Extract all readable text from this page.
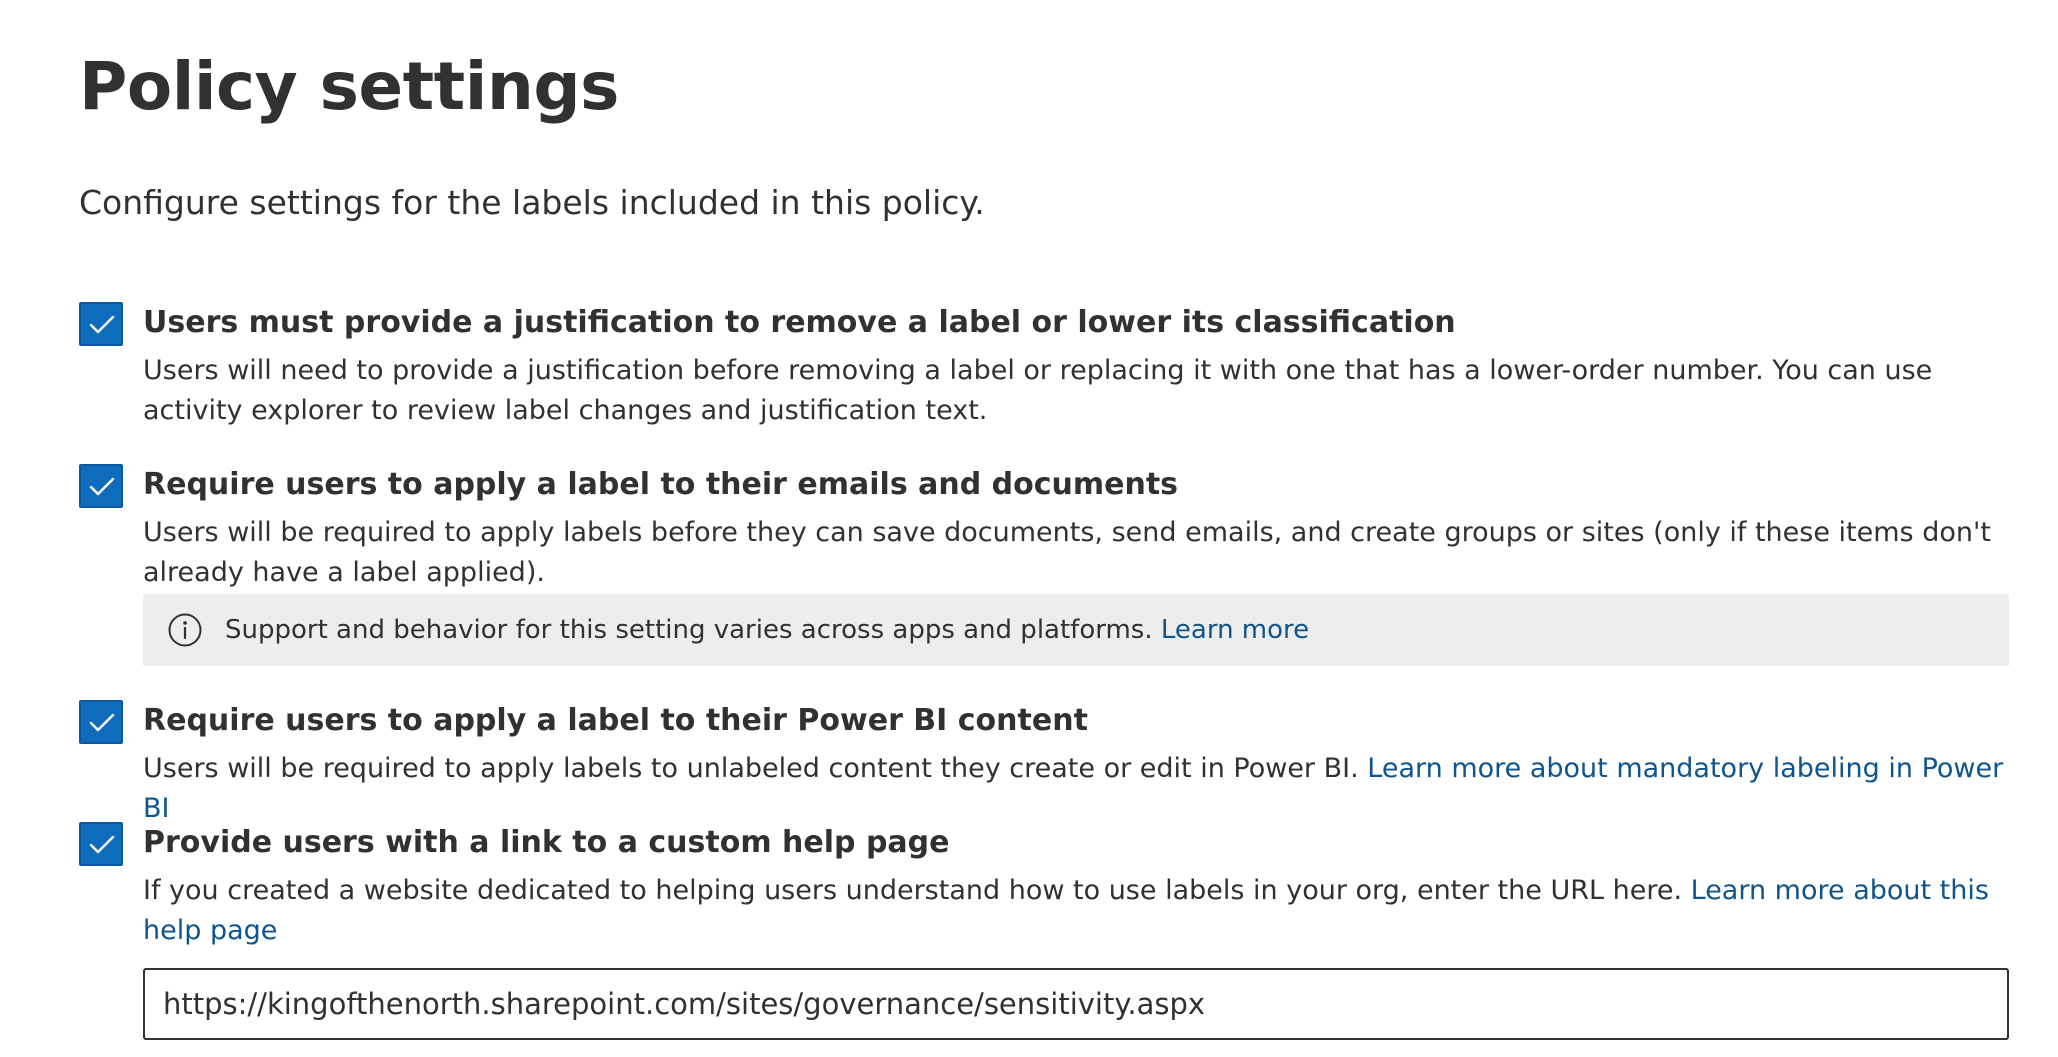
Policy settings
Configure settings for the labels included in this policy.
Users must provide a justification to remove a label or lower its classification
Users will need to provide a justification before removing a label or replacing it with one that has a lower-order number. You can use activity explorer to review label changes and justification text.
Require users to apply a label to their emails and documents
Users will be required to apply labels before they can save documents, send emails, and create groups or sites (only if these items don't already have a label applied).
Support and behavior for this setting varies across apps and platforms. Learn more
Require users to apply a label to their Power BI content
Users will be required to apply labels to unlabeled content they create or edit in Power BI. Learn more about mandatory labeling in Power BI
Provide users with a link to a custom help page
If you created a website dedicated to helping users understand how to use labels in your org, enter the URL here. Learn more about this help page
https://kingofthenorth.sharepoint.com/sites/governance/sensitivity.aspx
